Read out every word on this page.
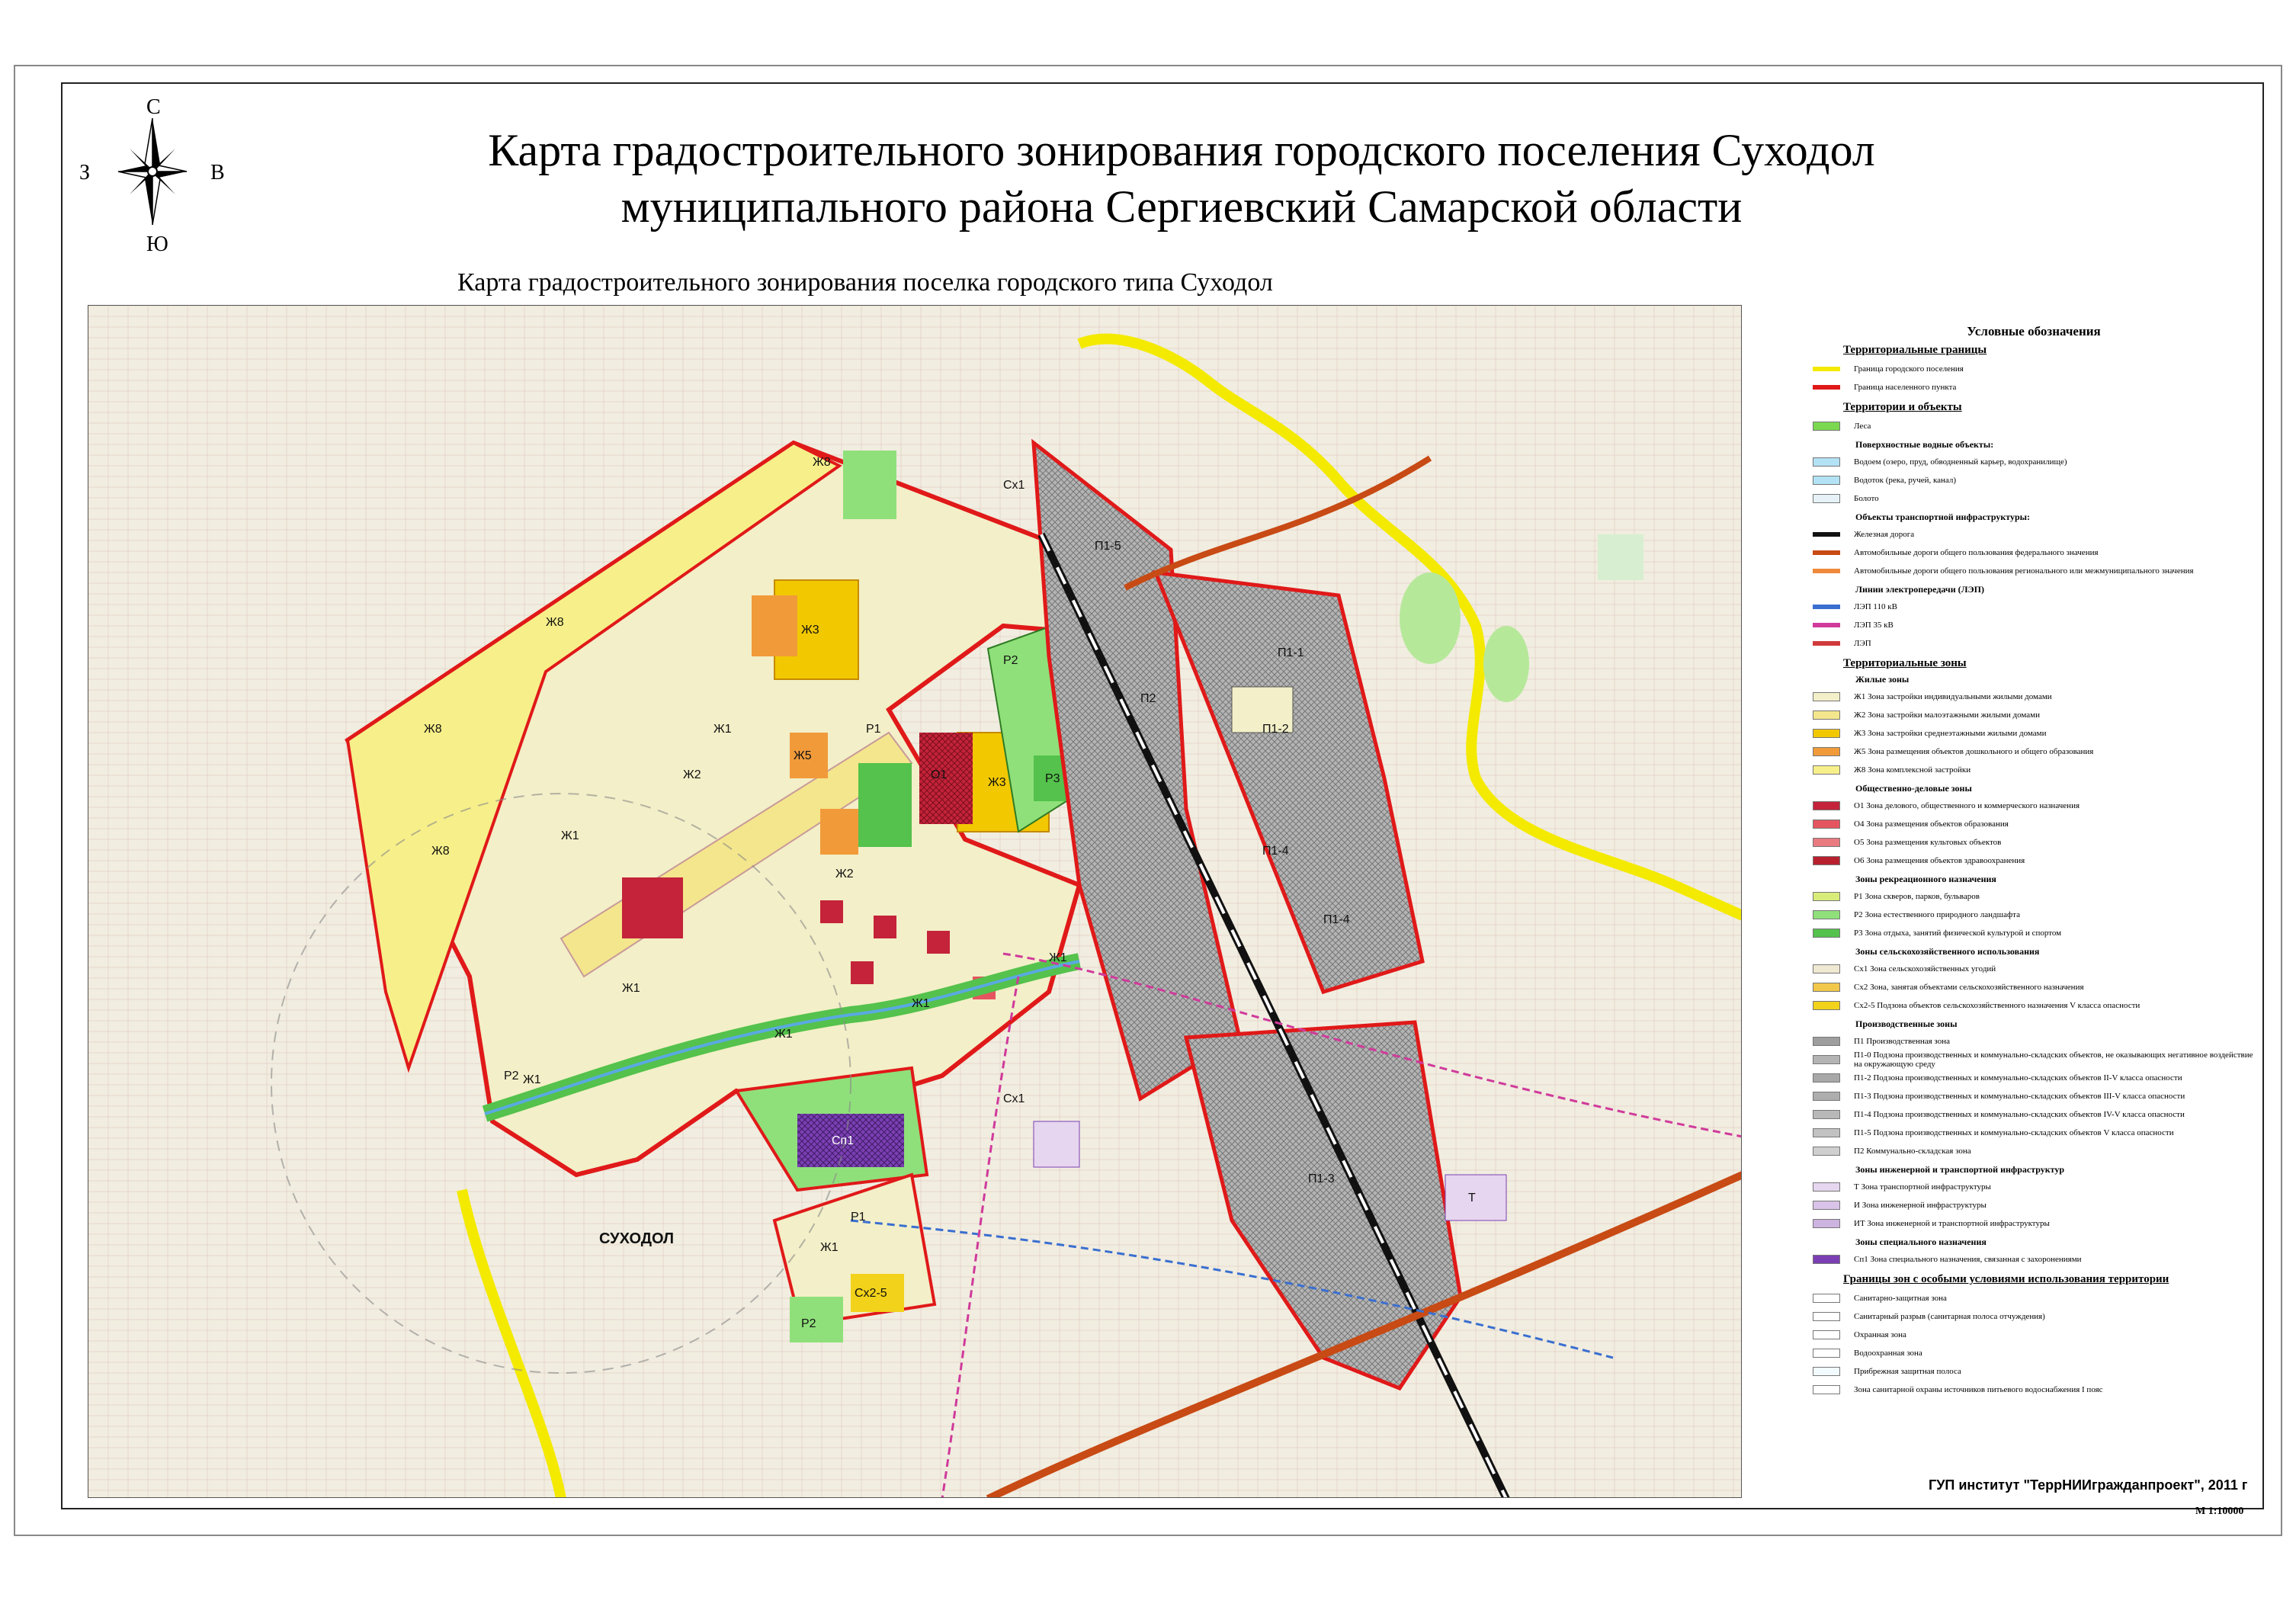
С
Ю
З	В	Карта градостроительного зонирования городского поселения Суходол
муниципального района Сергиевский Самарской области
Карта градостроительного зонирования поселка городского типа Суходол
Ж8
Ж8
Ж8
Ж8
Ж1
Ж1
Ж1
Ж1
Ж1
Ж1
Ж1
Ж1
Ж2
Ж2
Ж3
Ж3
Ж5
Р2
Р2
Р2
Р3
Р1
Р1
П1-4
П1-4
П1-3
П1-2
П1-1
П1-5
П2
Сх1
Сх1
Сх2-5
Т
О1
Сп1
СУХОДОЛ
Условные обозначения
Территориальные границы
Граница городского поселения
Граница населенного пункта
Территории и объекты
Леса
Поверхностные водные объекты:
Водоем (озеро, пруд, обводненный карьер, водохранилище)
Водоток (река, ручей, канал)
Болото
Объекты транспортной инфраструктуры:
Железная дорога
Автомобильные дороги общего пользования федерального значения
Автомобильные дороги общего пользования регионального или межмуниципального значения
Линии электропередачи (ЛЭП)
ЛЭП 110 кВ
ЛЭП 35 кВ
ЛЭП
Территориальные зоны
Жилые зоны
Ж1 Зона застройки индивидуальными жилыми домами
Ж2 Зона застройки малоэтажными жилыми домами
Ж3 Зона застройки среднеэтажными жилыми домами
Ж5 Зона размещения объектов дошкольного и общего образования
Ж8 Зона комплексной застройки
Общественно-деловые зоны
О1 Зона делового, общественного и коммерческого назначения
О4 Зона размещения объектов образования
О5 Зона размещения культовых объектов
О6 Зона размещения объектов здравоохранения
Зоны рекреационного назначения
Р1 Зона скверов, парков, бульваров
Р2 Зона естественного природного ландшафта
Р3 Зона отдыха, занятий физической культурой и спортом
Зоны сельскохозяйственного использования
Сх1 Зона сельскохозяйственных угодий
Сх2 Зона, занятая объектами сельскохозяйственного назначения
Сх2-5 Подзона объектов сельскохозяйственного назначения V класса опасности
Производственные зоны
П1 Производственная зона
П1-0 Подзона производственных и коммунально-складских объектов, не оказывающих негативное воздействие на окружающую среду
П1-2 Подзона производственных и коммунально-складских объектов II-V класса опасности
П1-3 Подзона производственных и коммунально-складских объектов III-V класса опасности
П1-4 Подзона производственных и коммунально-складских объектов IV-V класса опасности
П1-5 Подзона производственных и коммунально-складских объектов V класса опасности
П2 Коммунально-складская зона
Зоны инженерной и транспортной инфраструктур
Т Зона транспортной инфраструктуры
И Зона инженерной инфраструктуры
ИТ Зона инженерной и транспортной инфраструктуры
Зоны специального назначения
Сп1 Зона специального назначения, связанная с захоронениями
Границы зон с особыми условиями использования территории
Санитарно-защитная зона
Санитарный разрыв (санитарная полоса отчуждения)
Охранная зона
Водоохранная зона
Прибрежная защитная полоса
Зона санитарной охраны источников питьевого водоснабжения I пояс
ГУП институт "ТеррНИИгражданпроект", 2011 г
М 1:10000
